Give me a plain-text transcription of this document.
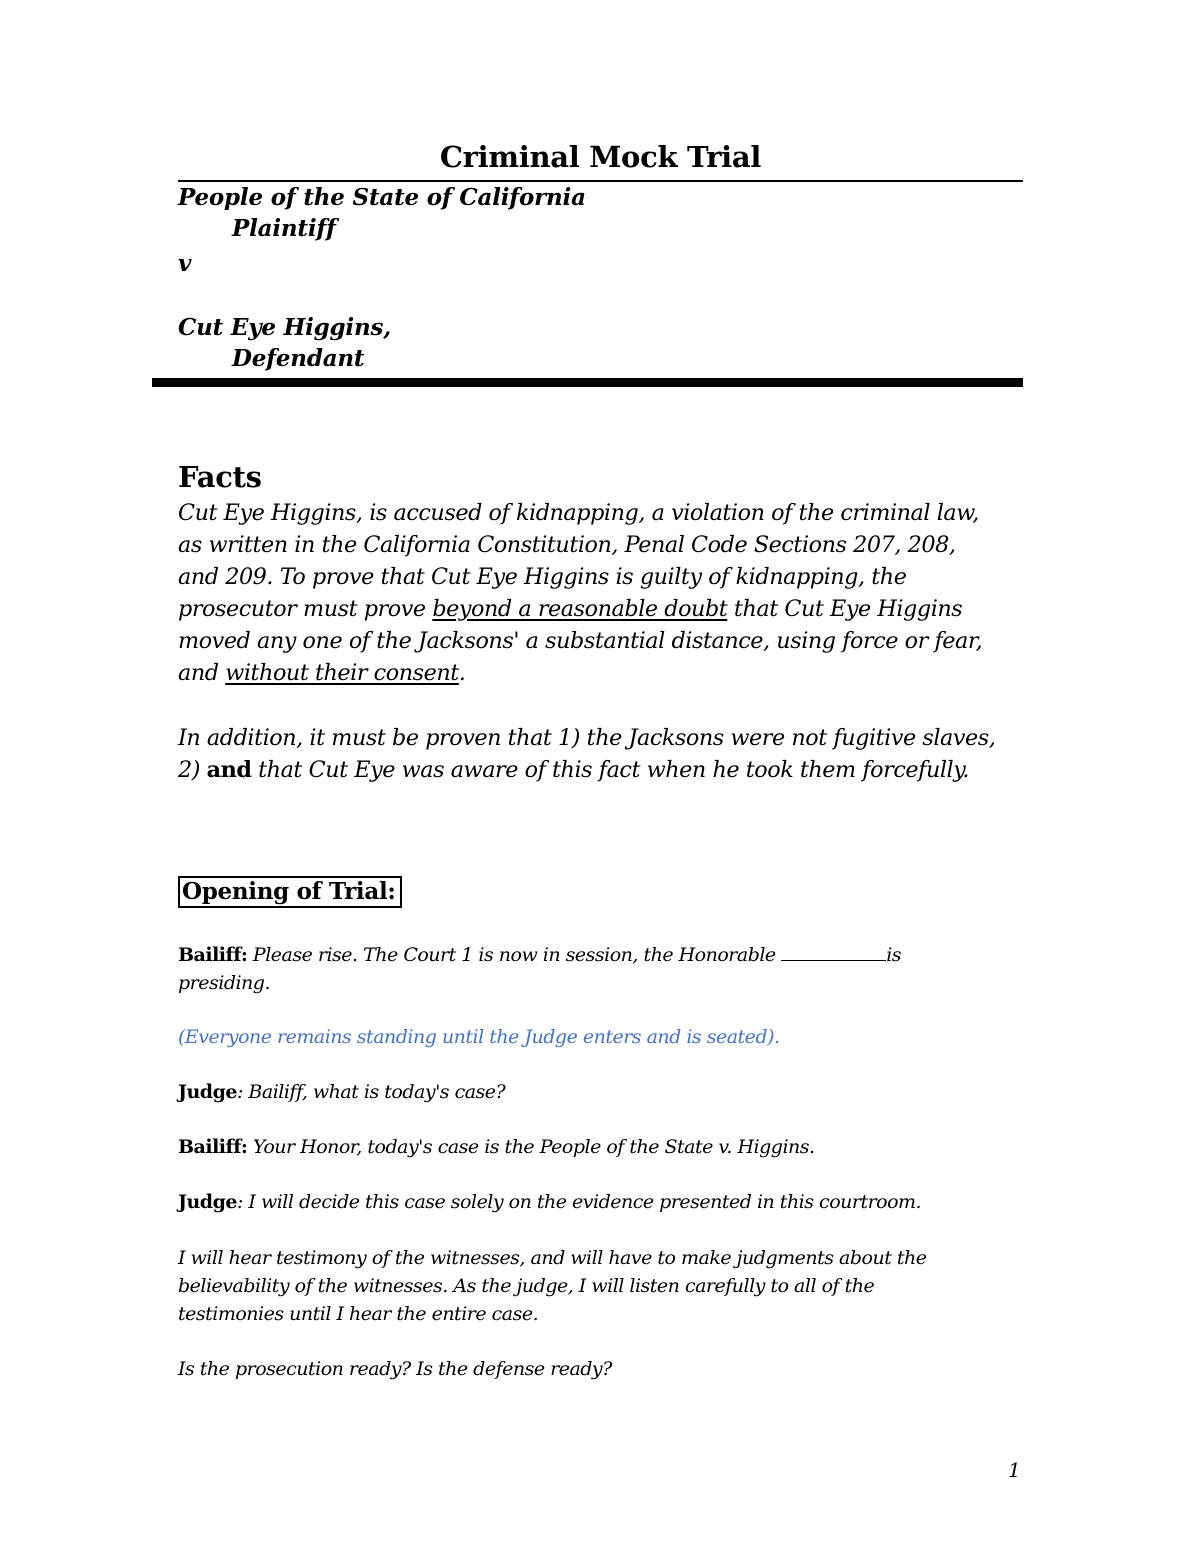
Criminal Mock Trial
People of the State of California
Plaintiff
v
Cut Eye Higgins,
Defendant
Facts
Cut Eye Higgins, is accused of kidnapping, a violation of the criminal law,
as written in the California Constitution, Penal Code Sections 207, 208,
and 209. To prove that Cut Eye Higgins is guilty of kidnapping, the
prosecutor must prove beyond a reasonable doubt that Cut Eye Higgins
moved any one of the Jacksons' a substantial distance, using force or fear,
and without their consent.
In addition, it must be proven that 1) the Jacksons were not fugitive slaves,
2) and that Cut Eye was aware of this fact when he took them forcefully.
Opening of Trial:
Bailiff: Please rise. The Court 1 is now in session, the Honorable	is
presiding.
(Everyone remains standing until the Judge enters and is seated).
Judge: Bailiff, what is today's case?
Bailiff: Your Honor, today's case is the People of the State v. Higgins.
Judge: I will decide this case solely on the evidence presented in this courtroom.
I will hear testimony of the witnesses, and will have to make judgments about the
believability of the witnesses. As the judge, I will listen carefully to all of the
testimonies until I hear the entire case.
Is the prosecution ready? Is the defense ready?
1
